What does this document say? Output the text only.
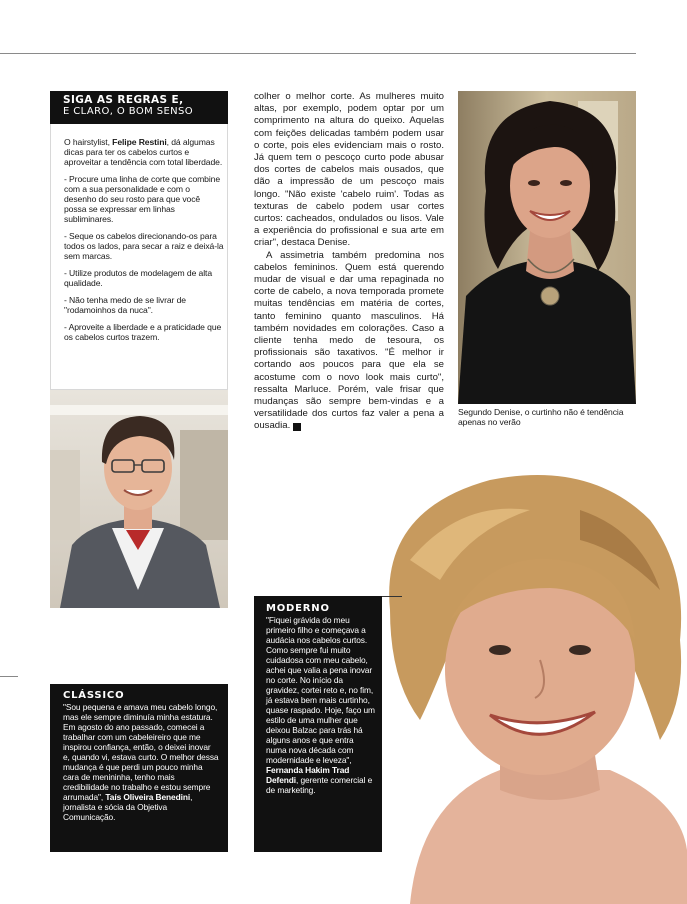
SIGA AS REGRAS E,
E CLARO, O BOM SENSO

O hairstylist, Felipe Restini, dá algumas dicas para ter os cabelos curtos e aproveitar a tendência com total liberdade.

- Procure uma linha de corte que combine com a sua personalidade e com o desenho do seu rosto para que você possa se expressar em linhas subliminares.

- Seque os cabelos direcionando-os para todos os lados, para secar a raiz e deixá-la sem marcas.

- Utilize produtos de modelagem de alta qualidade.

- Não tenha medo de se livrar de "rodamoinhos da nuca".

- Aproveite a liberdade e a praticidade que os cabelos curtos trazem.

colher o melhor corte. As mulheres muito altas, por exemplo, podem optar por um comprimento na altura do queixo. Aquelas com feições delicadas também podem usar o corte, pois eles evidenciam mais o rosto. Já quem tem o pescoço curto pode abusar dos cortes de cabelos mais ousados, que dão a impressão de um pescoço mais longo. "Não existe 'cabelo ruim'. Todas as texturas de cabelo podem usar cortes curtos: cacheados, ondulados ou lisos. Vale a experiência do profissional e sua arte em criar", destaca Denise.

A assimetria também predomina nos cabelos femininos. Quem está querendo mudar de visual e dar uma repaginada no corte de cabelo, a nova temporada promete muitas tendências em matéria de cortes, tanto feminino quanto masculinos. Há também novidades em colorações. Caso a cliente tenha medo de tesoura, os profissionais são taxativos. "É melhor ir cortando aos poucos para que ela se acostume com o novo look mais curto", ressalta Marluce. Porém, vale frisar que mudanças são sempre bem-vindas e a versatilidade dos curtos faz valer a pena a ousadia. f

Segundo Denise, o curtinho não é tendência apenas no verão
CLÁSSICO
"Sou pequena e amava meu cabelo longo, mas ele sempre diminuía minha estatura. Em agosto do ano passado, comecei a trabalhar com um cabeleireiro que me inspirou confiança, então, o deixei inovar e, quando vi, estava curto. O melhor dessa mudança é que perdi um pouco minha cara de menininha, tenho mais credibilidade no trabalho e estou sempre arrumada", Taís Oliveira Benedini, jornalista e sócia da Objetiva Comunicação.
MODERNO
"Fiquei grávida do meu primeiro filho e começava a audácia nos cabelos curtos. Como sempre fui muito cuidadosa com meu cabelo, achei que valia a pena inovar no corte. No início da gravidez, cortei reto e, no fim, já estava bem mais curtinho, quase raspado. Hoje, faço um estilo de uma mulher que deixou Balzac para trás há alguns anos e que entra numa nova década com modernidade e leveza", Fernanda Hakim Trad Defendi, gerente comercial e de marketing.
